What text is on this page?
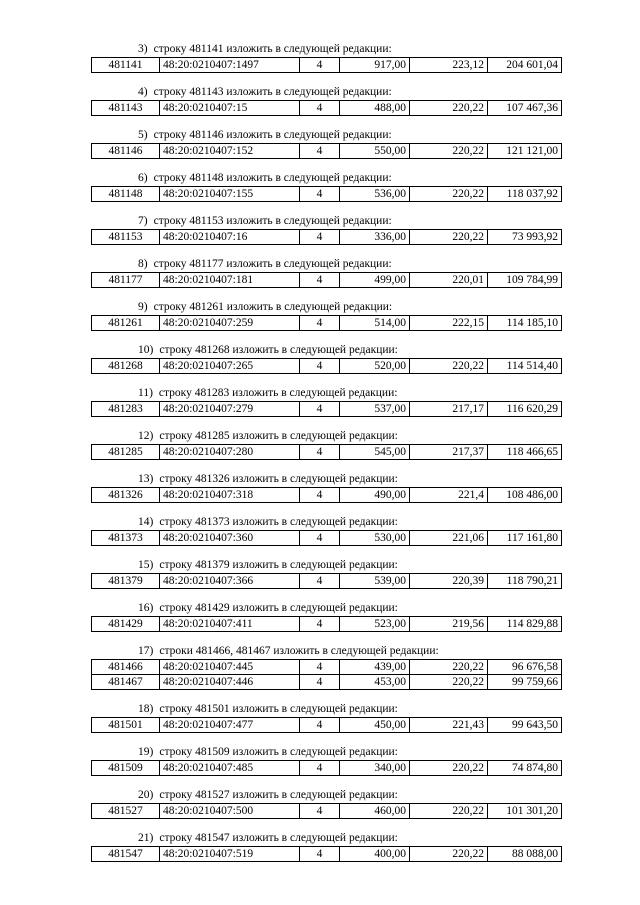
3) строку 481141 изложить в следующей редакции:
481141	48:20:0210407:1497	4	917,00	223,12	204 601,04
4) строку 481143 изложить в следующей редакции:
481143	48:20:0210407:15	4	488,00	220,22	107 467,36
5) строку 481146 изложить в следующей редакции:
481146	48:20:0210407:152	4	550,00	220,22	121 121,00
6) строку 481148 изложить в следующей редакции:
481148	48:20:0210407:155	4	536,00	220,22	118 037,92
7) строку 481153 изложить в следующей редакции:
481153	48:20:0210407:16	4	336,00	220,22	73 993,92
8) строку 481177 изложить в следующей редакции:
481177	48:20:0210407:181	4	499,00	220,01	109 784,99
9) строку 481261 изложить в следующей редакции:
481261	48:20:0210407:259	4	514,00	222,15	114 185,10
10) строку 481268 изложить в следующей редакции:
481268	48:20:0210407:265	4	520,00	220,22	114 514,40
11) строку 481283 изложить в следующей редакции:
481283	48:20:0210407:279	4	537,00	217,17	116 620,29
12) строку 481285 изложить в следующей редакции:
481285	48:20:0210407:280	4	545,00	217,37	118 466,65
13) строку 481326 изложить в следующей редакции:
481326	48:20:0210407:318	4	490,00	221,4	108 486,00
14) строку 481373 изложить в следующей редакции:
481373	48:20:0210407:360	4	530,00	221,06	117 161,80
15) строку 481379 изложить в следующей редакции:
481379	48:20:0210407:366	4	539,00	220,39	118 790,21
16) строку 481429 изложить в следующей редакции:
481429	48:20:0210407:411	4	523,00	219,56	114 829,88
17) строки 481466, 481467 изложить в следующей редакции:
481466	48:20:0210407:445	4	439,00	220,22	96 676,58
481467	48:20:0210407:446	4	453,00	220,22	99 759,66
18) строку 481501 изложить в следующей редакции:
481501	48:20:0210407:477	4	450,00	221,43	99 643,50
19) строку 481509 изложить в следующей редакции:
481509	48:20:0210407:485	4	340,00	220,22	74 874,80
20) строку 481527 изложить в следующей редакции:
481527	48:20:0210407:500	4	460,00	220,22	101 301,20
21) строку 481547 изложить в следующей редакции:
481547	48:20:0210407:519	4	400,00	220,22	88 088,00
